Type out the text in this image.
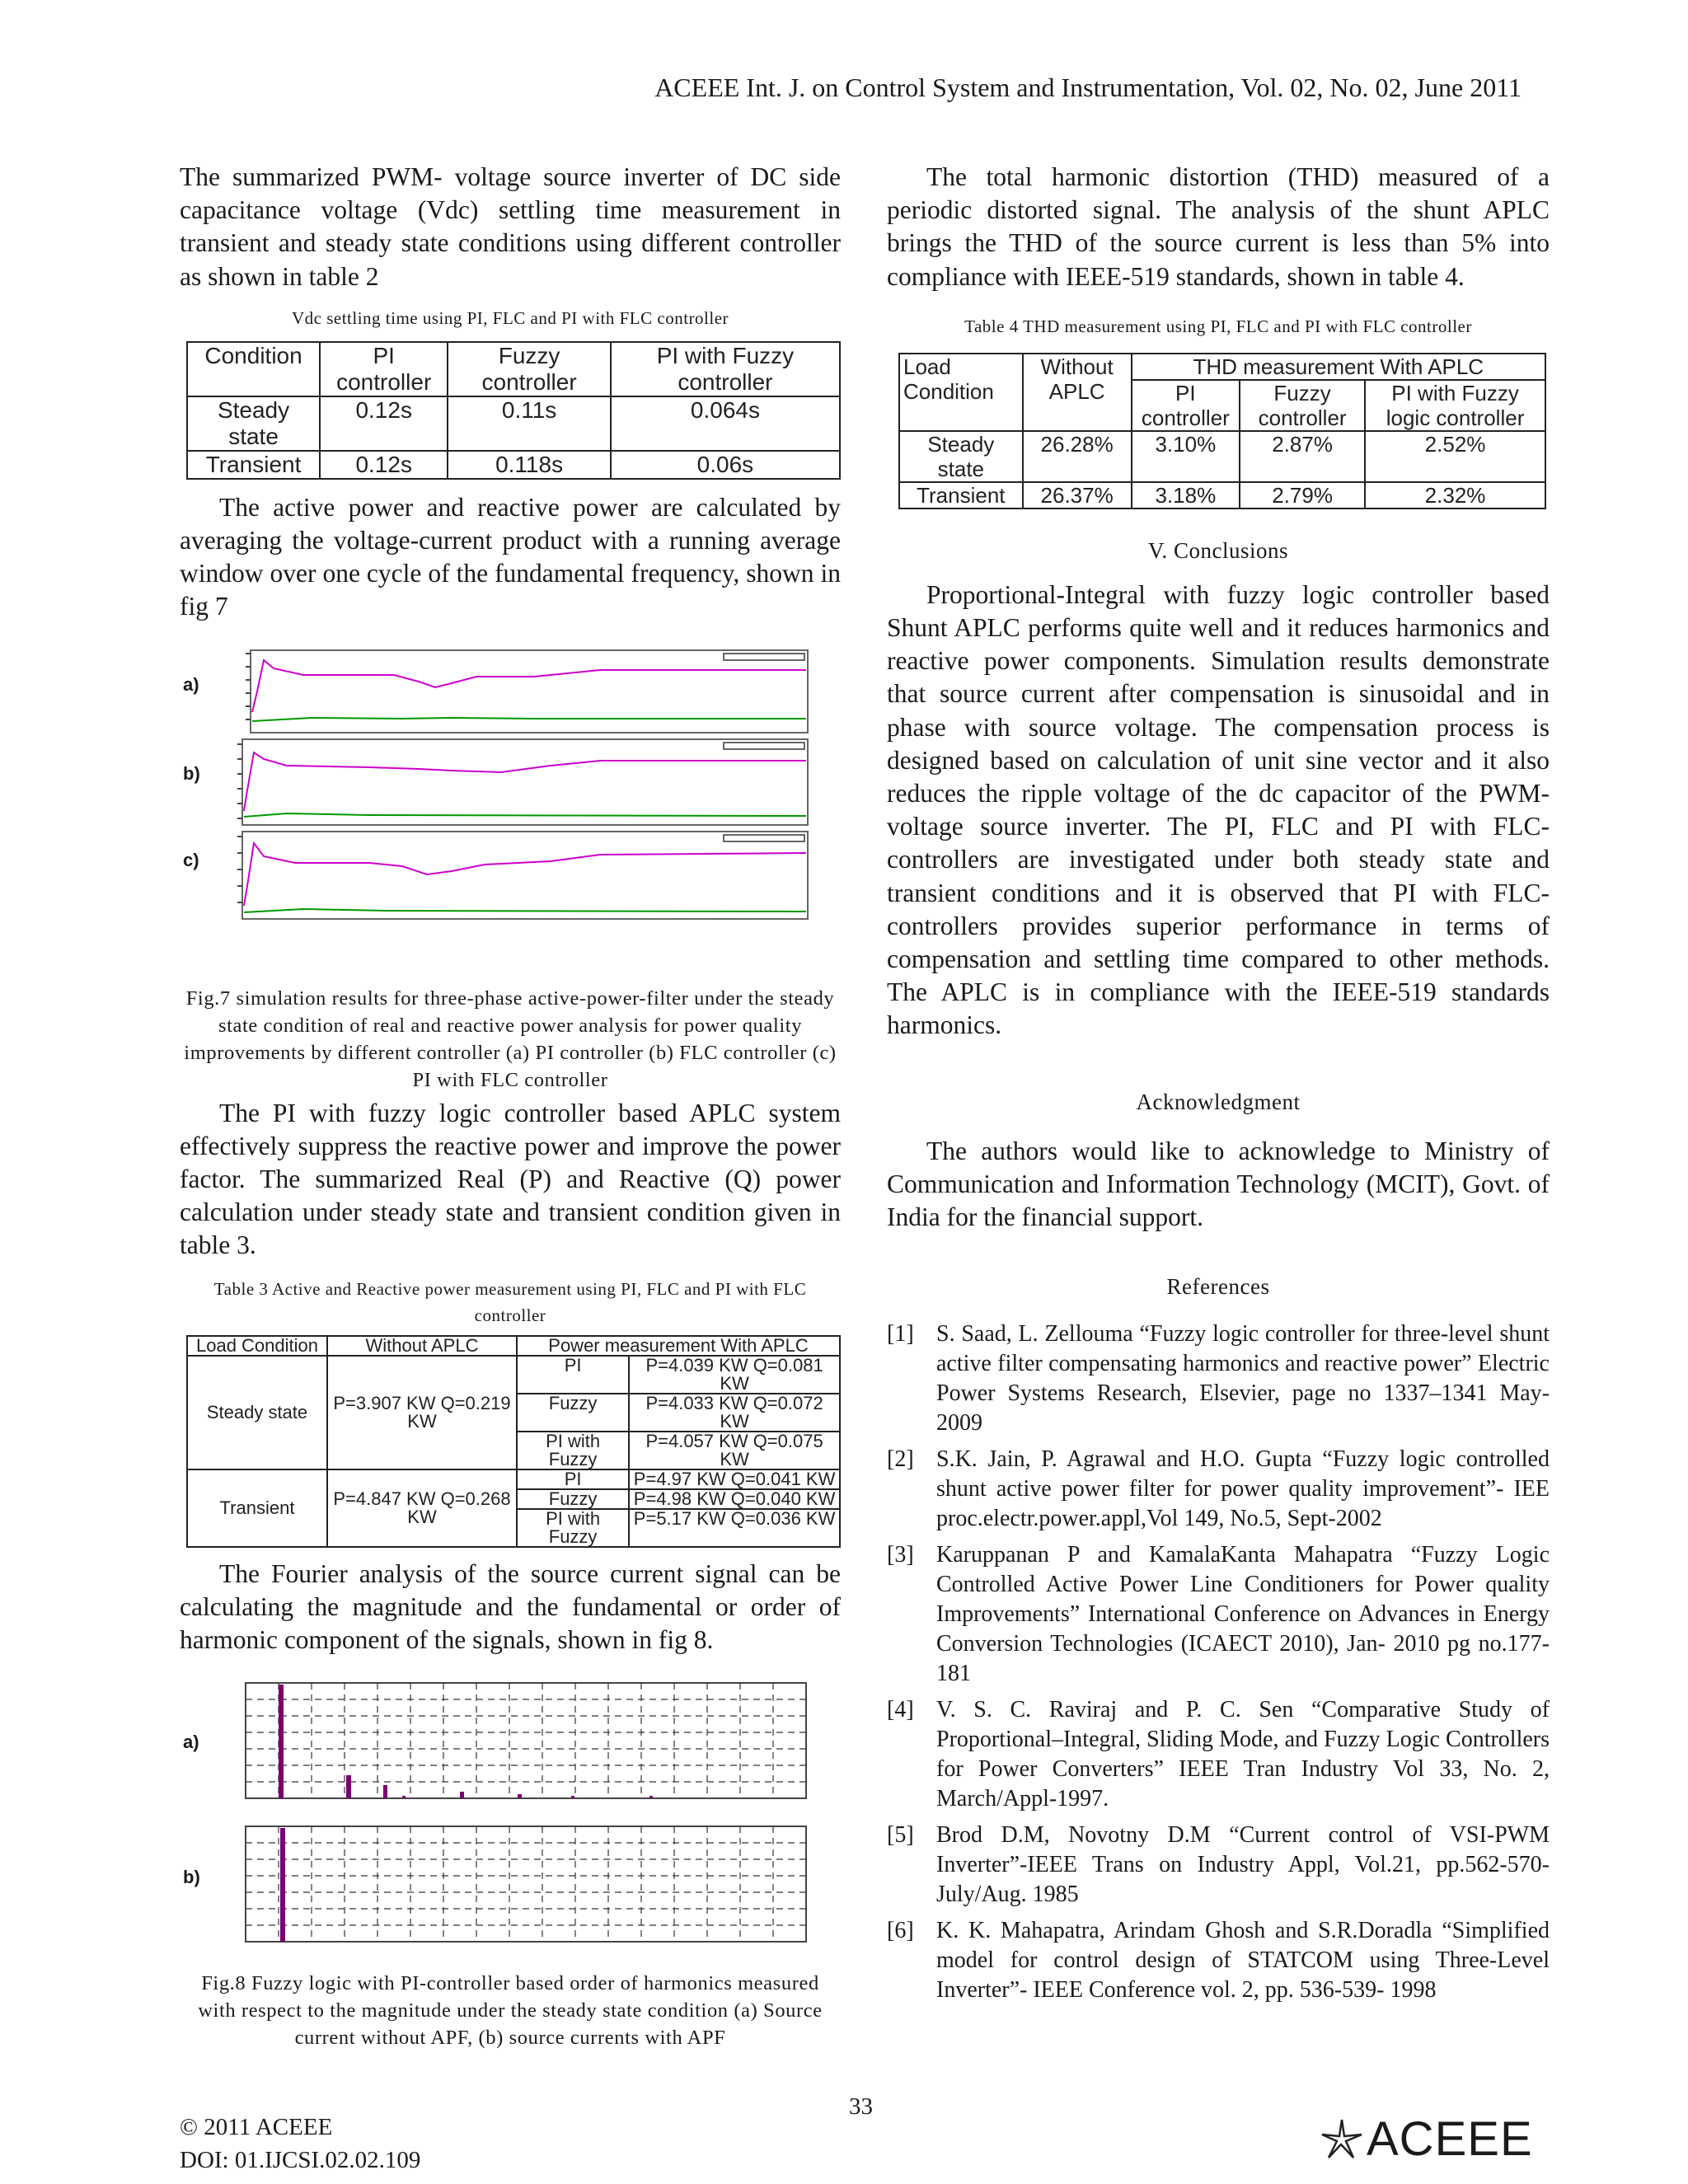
ACEEE Int. J. on Control System and Instrumentation, Vol. 02, No. 02, June 2011

The summarized PWM- voltage source inverter of DC side capacitance voltage (Vdc) settling time measurement in transient and steady state conditions using different controller as shown in table 2

Vdc settling time using PI, FLC and PI with FLC controller
Condition	PI controller	Fuzzy controller	PI with Fuzzy controller
Steady state	0.12s	0.11s	0.064s
Transient	0.12s	0.118s	0.06s

The active power and reactive power are calculated by averaging the voltage-current product with a running average window over one cycle of the fundamental frequency, shown in fig 7

a)
b)
c)

Fig.7 simulation results for three-phase active-power-filter under the steady state condition of real and reactive power analysis for power quality improvements by different controller (a) PI controller (b) FLC controller (c) PI with FLC controller

The PI with fuzzy logic controller based APLC system effectively suppress the reactive power and improve the power factor. The summarized Real (P) and Reactive (Q) power calculation under steady state and transient condition given in table 3.

Table 3 Active and Reactive power measurement using PI, FLC and PI with FLC controller
Load Condition	Without APLC	Power measurement With APLC	
Steady state	P=3.907 KW Q=0.219 KW	PI	P=4.039 KW Q=0.081 KW
		Fuzzy	P=4.033 KW Q=0.072 KW
		PI with Fuzzy	P=4.057 KW Q=0.075 KW
Transient	P=4.847 KW Q=0.268 KW	PI	P=4.97 KW Q=0.041 KW
		Fuzzy	P=4.98 KW Q=0.040 KW
		PI with Fuzzy	P=5.17 KW Q=0.036 KW

The Fourier analysis of the source current signal can be calculating the magnitude and the fundamental or order of harmonic component of the signals, shown in fig 8.

a)
b)

Fig.8 Fuzzy logic with PI-controller based order of harmonics measured with respect to the magnitude under the steady state condition (a) Source current without APF, (b) source currents with APF

The total harmonic distortion (THD) measured of a periodic distorted signal. The analysis of the shunt APLC brings the THD of the source current is less than 5% into compliance with IEEE-519 standards, shown in table 4.

Table 4 THD measurement using PI, FLC and PI with FLC controller
Load Condition	Without APLC	THD measurement With APLC		
		PI controller	Fuzzy controller	PI with Fuzzy logic controller
Steady state	26.28%	3.10%	2.87%	2.52%
Transient	26.37%	3.18%	2.79%	2.32%
V. Conclusions

Proportional-Integral with fuzzy logic controller based Shunt APLC performs quite well and it reduces harmonics and reactive power components. Simulation results demonstrate that source current after compensation is sinusoidal and in phase with source voltage. The compensation process is designed based on calculation of unit sine vector and it also reduces the ripple voltage of the dc capacitor of the PWM-voltage source inverter. The PI, FLC and PI with FLC-controllers are investigated under both steady state and transient conditions and it is observed that PI with FLC-controllers provides superior performance in terms of compensation and settling time compared to other methods. The APLC is in compliance with the IEEE-519 standards harmonics.

Acknowledgment

The authors would like to acknowledge to Ministry of Communication and Information Technology (MCIT), Govt. of India for the financial support.

References
[1] S. Saad, L. Zellouma “Fuzzy logic controller for three-level shunt active filter compensating harmonics and reactive power” Electric Power Systems Research, Elsevier, page no 1337–1341 May-2009
[2] S.K. Jain, P. Agrawal and H.O. Gupta “Fuzzy logic controlled shunt active power filter for power quality improvement”- IEE proc.electr.power.appl,Vol 149, No.5, Sept-2002
[3] Karuppanan P and KamalaKanta Mahapatra “Fuzzy Logic Controlled Active Power Line Conditioners for Power quality Improvements” International Conference on Advances in Energy Conversion Technologies (ICAECT 2010), Jan- 2010 pg no.177-181
[4] V. S. C. Raviraj and P. C. Sen “Comparative Study of Proportional–Integral, Sliding Mode, and Fuzzy Logic Controllers for Power Converters” IEEE Tran Industry Vol 33, No. 2, March/Appl-1997.
[5] Brod D.M, Novotny D.M “Current control of VSI-PWM Inverter”-IEEE Trans on Industry Appl, Vol.21, pp.562-570- July/Aug. 1985
[6] K. K. Mahapatra, Arindam Ghosh and S.R.Doradla “Simplified model for control design of STATCOM using Three-Level Inverter”- IEEE Conference vol. 2, pp. 536-539- 1998
33
© 2011 ACEEE
DOI: 01.IJCSI.02.02.109	ACEEE
